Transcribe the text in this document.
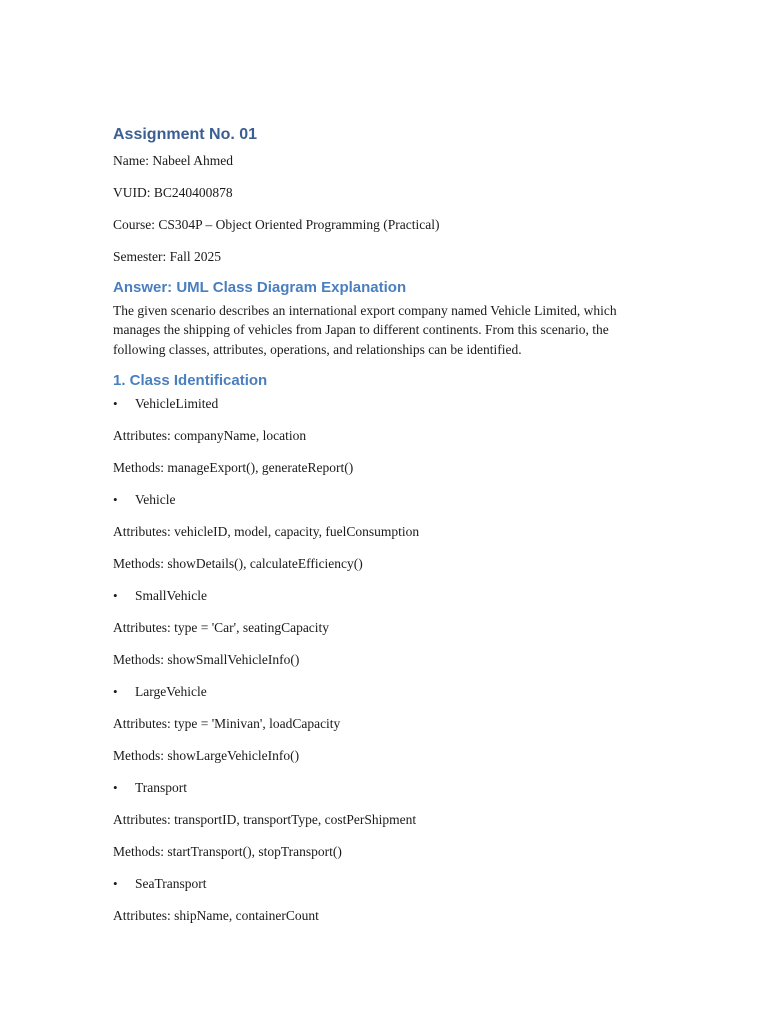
Assignment No. 01

Name: Nabeel Ahmed

VUID: BC240400878

Course: CS304P – Object Oriented Programming (Practical)

Semester: Fall 2025

Answer: UML Class Diagram Explanation

The given scenario describes an international export company named Vehicle Limited, which manages the shipping of vehicles from Japan to different continents. From this scenario, the following classes, attributes, operations, and relationships can be identified.

1. Class Identification
• VehicleLimited

Attributes: companyName, location

Methods: manageExport(), generateReport()

• Vehicle

Attributes: vehicleID, model, capacity, fuelConsumption

Methods: showDetails(), calculateEfficiency()

• SmallVehicle

Attributes: type = 'Car', seatingCapacity

Methods: showSmallVehicleInfo()

• LargeVehicle

Attributes: type = 'Minivan', loadCapacity

Methods: showLargeVehicleInfo()

• Transport

Attributes: transportID, transportType, costPerShipment

Methods: startTransport(), stopTransport()

• SeaTransport

Attributes: shipName, containerCount
